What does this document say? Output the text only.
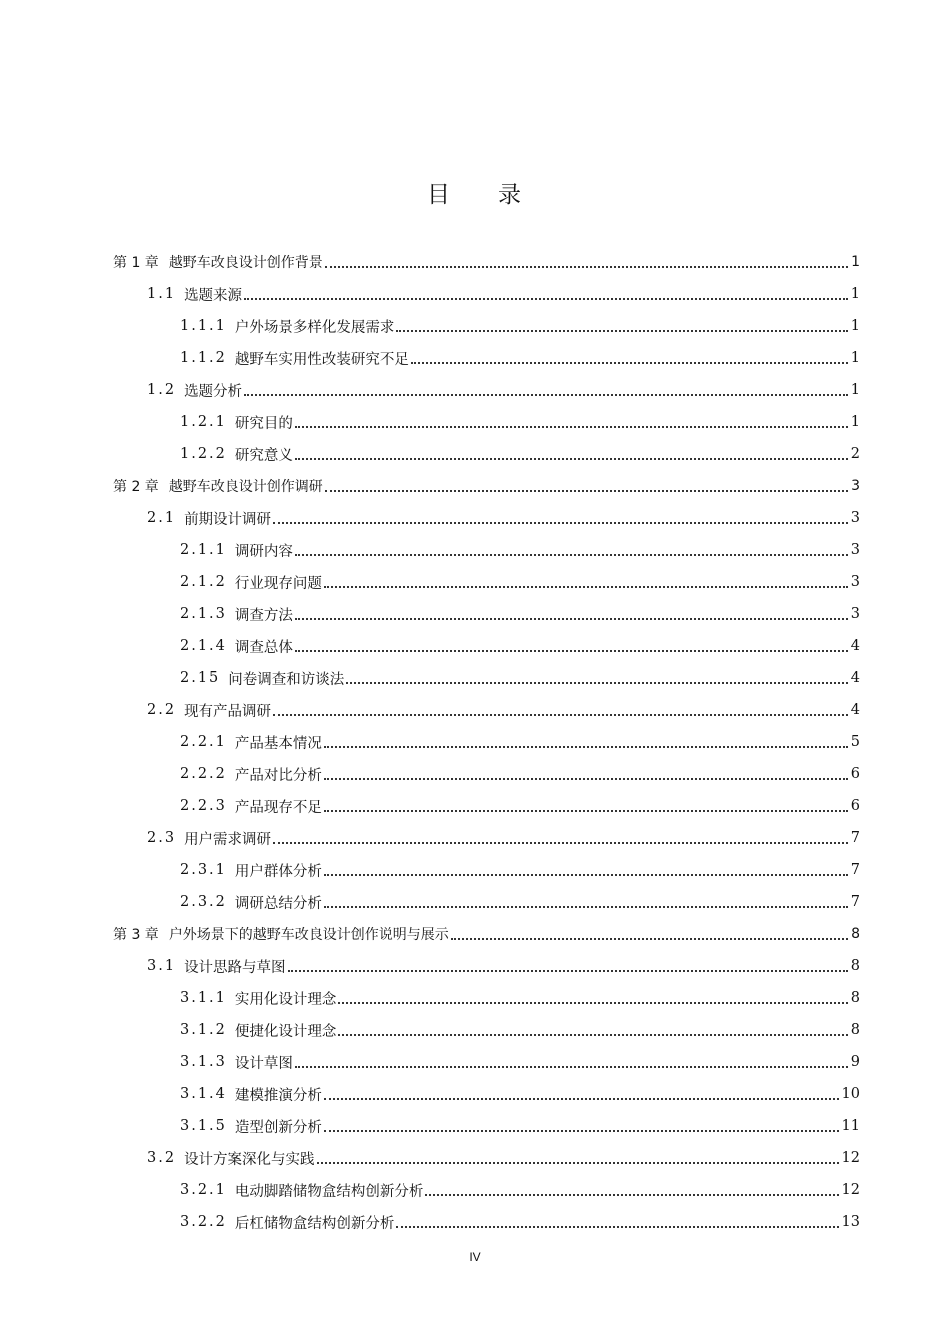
目 录
第 1 章 越野车改良设计创作背景	1
1.1 选题来源	1
1.1.1 户外场景多样化发展需求	1
1.1.2 越野车实用性改装研究不足	1
1.2 选题分析	1
1.2.1 研究目的	1
1.2.2 研究意义	2
第 2 章 越野车改良设计创作调研	3
2.1 前期设计调研	3
2.1.1 调研内容	3
2.1.2 行业现存问题	3
2.1.3 调查方法	3
2.1.4 调查总体	4
2.15 问卷调查和访谈法	4
2.2 现有产品调研	4
2.2.1 产品基本情况	5
2.2.2 产品对比分析	6
2.2.3 产品现存不足	6
2.3 用户需求调研	7
2.3.1 用户群体分析	7
2.3.2 调研总结分析	7
第 3 章 户外场景下的越野车改良设计创作说明与展示	8
3.1 设计思路与草图	8
3.1.1 实用化设计理念	8
3.1.2 便捷化设计理念	8
3.1.3 设计草图	9
3.1.4 建模推演分析	10
3.1.5 造型创新分析	11
3.2 设计方案深化与实践	12
3.2.1 电动脚踏储物盒结构创新分析	12
3.2.2 后杠储物盒结构创新分析	13
IV
